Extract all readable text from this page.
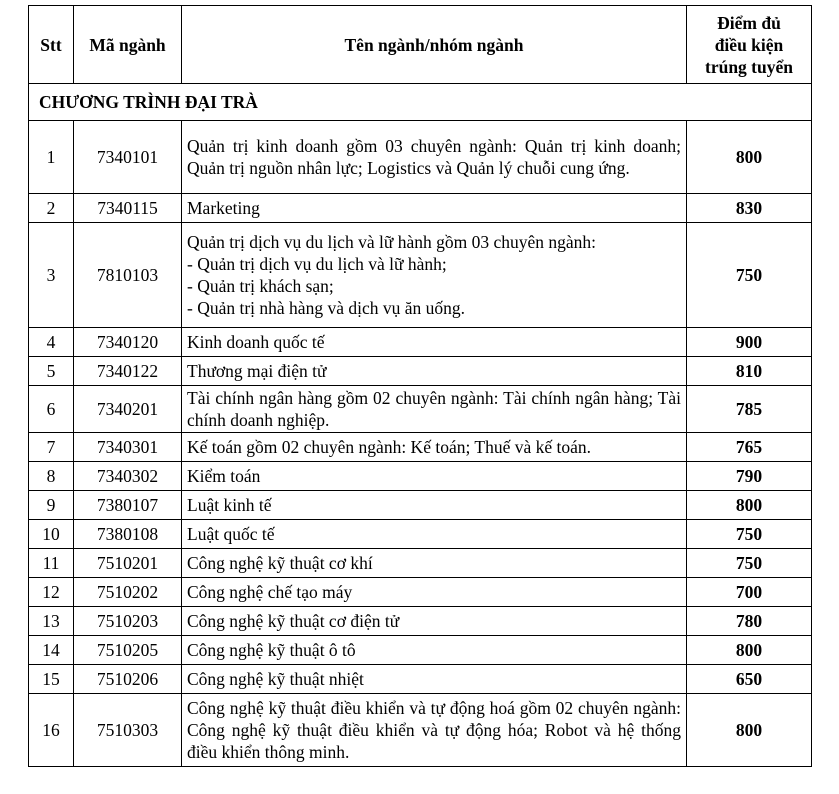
Stt	Mã ngành	Tên ngành/nhóm ngành	Điểm đủ
điều kiện
trúng tuyển

CHƯƠNG TRÌNH ĐẠI TRÀ			
1	7340101	Quản trị kinh doanh gồm 03 chuyên ngành: Quản trị kinh doanh; Quản trị nguồn nhân lực; Logistics và Quản lý chuỗi cung ứng.	800
2	7340115	Marketing	830
3	7810103	Quản trị dịch vụ du lịch và lữ hành gồm 03 chuyên ngành:
- Quản trị dịch vụ du lịch và lữ hành;
- Quản trị khách sạn;
- Quản trị nhà hàng và dịch vụ ăn uống.	750
4	7340120	Kinh doanh quốc tế	900
5	7340122	Thương mại điện tử	810
6	7340201	Tài chính ngân hàng gồm 02 chuyên ngành: Tài chính ngân hàng; Tài chính doanh nghiệp.	785
7	7340301	Kế toán gồm 02 chuyên ngành: Kế toán; Thuế và kế toán.	765
8	7340302	Kiểm toán	790
9	7380107	Luật kinh tế	800
10	7380108	Luật quốc tế	750
11	7510201	Công nghệ kỹ thuật cơ khí	750
12	7510202	Công nghệ chế tạo máy	700
13	7510203	Công nghệ kỹ thuật cơ điện tử	780
14	7510205	Công nghệ kỹ thuật ô tô	800
15	7510206	Công nghệ kỹ thuật nhiệt	650
16	7510303	Công nghệ kỹ thuật điều khiển và tự động hoá gồm 02 chuyên ngành: Công nghệ kỹ thuật điều khiển và tự động hóa; Robot và hệ thống điều khiển thông minh.	800
